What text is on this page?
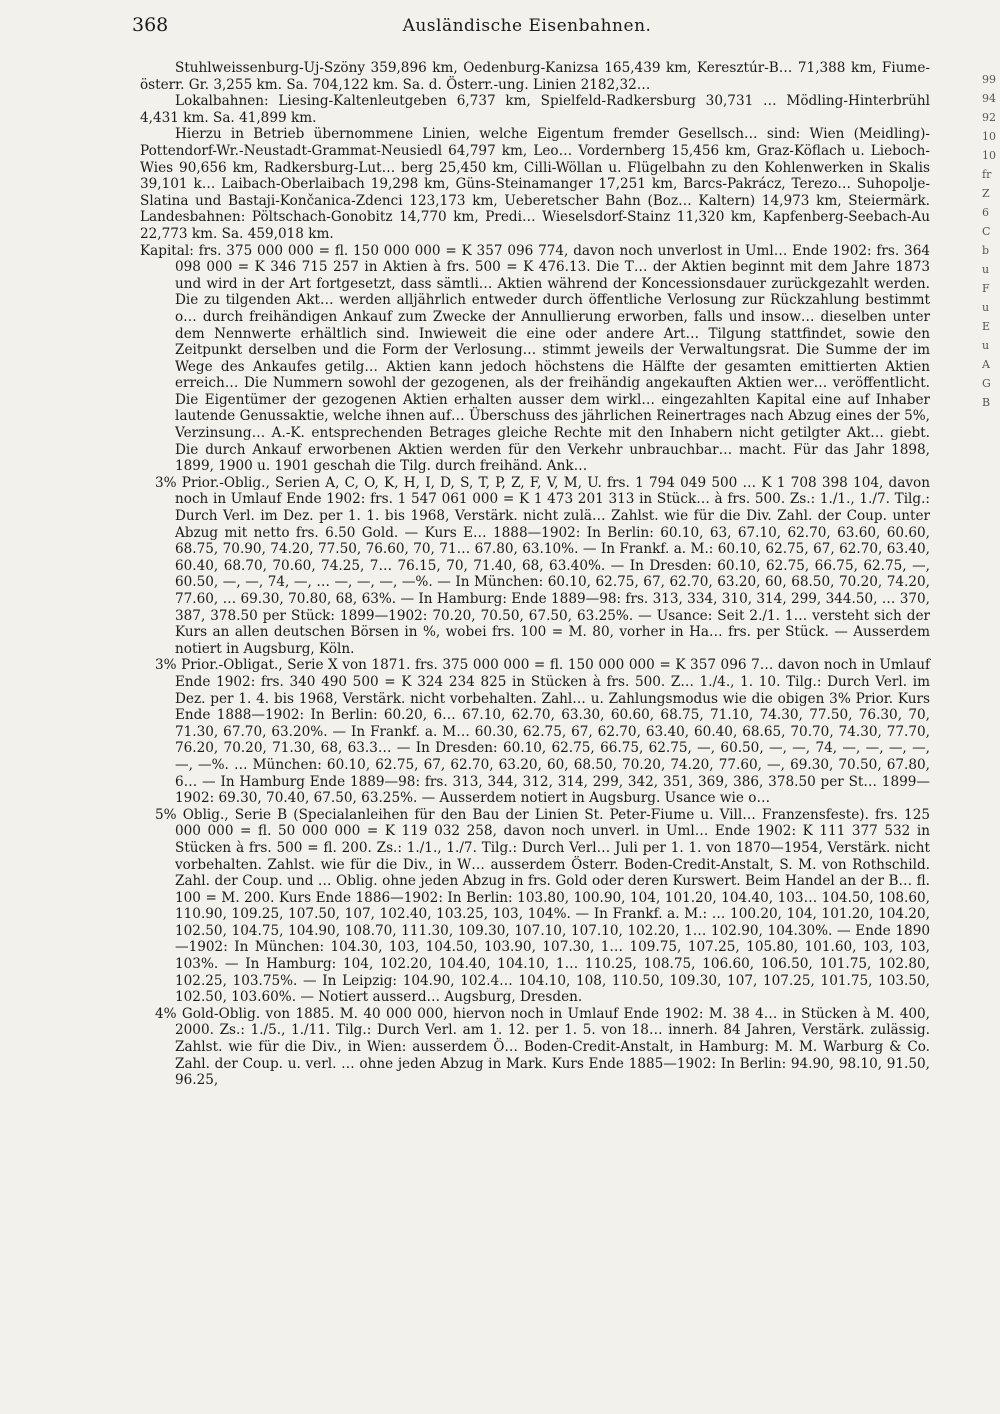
368	Ausländische Eisenbahnen.

Stuhlweissenburg-Uj-Szöny 359,896 km, Oedenburg-Kanizsa 165,439 km, Keresztúr-B… 71,388 km, Fiume-österr. Gr. 3,255 km. Sa. 704,122 km. Sa. d. Österr.-ung. Linien 2182,32…

Lokalbahnen: Liesing-Kaltenleutgeben 6,737 km, Spielfeld-Radkersburg 30,731 … Mödling-Hinterbrühl 4,431 km. Sa. 41,899 km.

Hierzu in Betrieb übernommene Linien, welche Eigentum fremder Gesellsch… sind: Wien (Meidling)-Pottendorf-Wr.-Neustadt-Grammat-Neusiedl 64,797 km, Leo… Vordernberg 15,456 km, Graz-Köflach u. Lieboch-Wies 90,656 km, Radkersburg-Lut… berg 25,450 km, Cilli-Wöllan u. Flügelbahn zu den Kohlenwerken in Skalis 39,101 k… Laibach-Oberlaibach 19,298 km, Güns-Steinamanger 17,251 km, Barcs-Pakrácz, Terezo… Suhopolje-Slatina und Bastaji-Končanica-Zdenci 123,173 km, Ueberetscher Bahn (Boz… Kaltern) 14,973 km, Steiermärk. Landesbahnen: Pöltschach-Gonobitz 14,770 km, Predi… Wieselsdorf-Stainz 11,320 km, Kapfenberg-Seebach-Au 22,773 km. Sa. 459,018 km.

Kapital: frs. 375 000 000 = fl. 150 000 000 = K 357 096 774, davon noch unverlost in Uml… Ende 1902: frs. 364 098 000 = K 346 715 257 in Aktien à frs. 500 = K 476.13. Die T… der Aktien beginnt mit dem Jahre 1873 und wird in der Art fortgesetzt, dass sämtli… Aktien während der Koncessionsdauer zurückgezahlt werden. Die zu tilgenden Akt… werden alljährlich entweder durch öffentliche Verlosung zur Rückzahlung bestimmt o… durch freihändigen Ankauf zum Zwecke der Annullierung erworben, falls und insow… dieselben unter dem Nennwerte erhältlich sind. Inwieweit die eine oder andere Art… Tilgung stattfindet, sowie den Zeitpunkt derselben und die Form der Verlosung… stimmt jeweils der Verwaltungsrat. Die Summe der im Wege des Ankaufes getilg… Aktien kann jedoch höchstens die Hälfte der gesamten emittierten Aktien erreich… Die Nummern sowohl der gezogenen, als der freihändig angekauften Aktien wer… veröffentlicht. Die Eigentümer der gezogenen Aktien erhalten ausser dem wirkl… eingezahlten Kapital eine auf Inhaber lautende Genussaktie, welche ihnen auf… Überschuss des jährlichen Reinertrages nach Abzug eines der 5%, Verzinsung… A.-K. entsprechenden Betrages gleiche Rechte mit den Inhabern nicht getilgter Akt… giebt. Die durch Ankauf erworbenen Aktien werden für den Verkehr unbrauchbar… macht. Für das Jahr 1898, 1899, 1900 u. 1901 geschah die Tilg. durch freihänd. Ank…

3% Prior.-Oblig., Serien A, C, O, K, H, I, D, S, T, P, Z, F, V, M, U. frs. 1 794 049 500 … K 1 708 398 104, davon noch in Umlauf Ende 1902: frs. 1 547 061 000 = K 1 473 201 313 in Stück… à frs. 500. Zs.: 1./1., 1./7. Tilg.: Durch Verl. im Dez. per 1. 1. bis 1968, Verstärk. nicht zulä… Zahlst. wie für die Div. Zahl. der Coup. unter Abzug mit netto frs. 6.50 Gold. — Kurs E… 1888—1902: In Berlin: 60.10, 63, 67.10, 62.70, 63.60, 60.60, 68.75, 70.90, 74.20, 77.50, 76.60, 70, 71… 67.80, 63.10%. — In Frankf. a. M.: 60.10, 62.75, 67, 62.70, 63.40, 60.40, 68.70, 70.60, 74.25, 7… 76.15, 70, 71.40, 68, 63.40%. — In Dresden: 60.10, 62.75, 66.75, 62.75, —, 60.50, —, —, 74, —, … —, —, —, —%. — In München: 60.10, 62.75, 67, 62.70, 63.20, 60, 68.50, 70.20, 74.20, 77.60, … 69.30, 70.80, 68, 63%. — In Hamburg: Ende 1889—98: frs. 313, 334, 310, 314, 299, 344.50, … 370, 387, 378.50 per Stück: 1899—1902: 70.20, 70.50, 67.50, 63.25%. — Usance: Seit 2./1. 1… versteht sich der Kurs an allen deutschen Börsen in %, wobei frs. 100 = M. 80, vorher in Ha… frs. per Stück. — Ausserdem notiert in Augsburg, Köln.

3% Prior.-Obligat., Serie X von 1871. frs. 375 000 000 = fl. 150 000 000 = K 357 096 7… davon noch in Umlauf Ende 1902: frs. 340 490 500 = K 324 234 825 in Stücken à frs. 500. Z… 1./4., 1. 10. Tilg.: Durch Verl. im Dez. per 1. 4. bis 1968, Verstärk. nicht vorbehalten. Zahl… u. Zahlungsmodus wie die obigen 3% Prior. Kurs Ende 1888—1902: In Berlin: 60.20, 6… 67.10, 62.70, 63.30, 60.60, 68.75, 71.10, 74.30, 77.50, 76.30, 70, 71.30, 67.70, 63.20%. — In Frankf. a. M… 60.30, 62.75, 67, 62.70, 63.40, 60.40, 68.65, 70.70, 74.30, 77.70, 76.20, 70.20, 71.30, 68, 63.3… — In Dresden: 60.10, 62.75, 66.75, 62.75, —, 60.50, —, —, 74, —, —, —, —, —, —%. … München: 60.10, 62.75, 67, 62.70, 63.20, 60, 68.50, 70.20, 74.20, 77.60, —, 69.30, 70.50, 67.80, 6… — In Hamburg Ende 1889—98: frs. 313, 344, 312, 314, 299, 342, 351, 369, 386, 378.50 per St… 1899—1902: 69.30, 70.40, 67.50, 63.25%. — Ausserdem notiert in Augsburg. Usance wie o…

5% Oblig., Serie B (Specialanleihen für den Bau der Linien St. Peter-Fiume u. Vill… Franzensfeste). frs. 125 000 000 = fl. 50 000 000 = K 119 032 258, davon noch unverl. in Uml… Ende 1902: K 111 377 532 in Stücken à frs. 500 = fl. 200. Zs.: 1./1., 1./7. Tilg.: Durch Verl… Juli per 1. 1. von 1870—1954, Verstärk. nicht vorbehalten. Zahlst. wie für die Div., in W… ausserdem Österr. Boden-Credit-Anstalt, S. M. von Rothschild. Zahl. der Coup. und … Oblig. ohne jeden Abzug in frs. Gold oder deren Kurswert. Beim Handel an der B… fl. 100 = M. 200. Kurs Ende 1886—1902: In Berlin: 103.80, 100.90, 104, 101.20, 104.40, 103… 104.50, 108.60, 110.90, 109.25, 107.50, 107, 102.40, 103.25, 103, 104%. — In Frankf. a. M.: … 100.20, 104, 101.20, 104.20, 102.50, 104.75, 104.90, 108.70, 111.30, 109.30, 107.10, 107.10, 102.20, 1… 102.90, 104.30%. — Ende 1890—1902: In München: 104.30, 103, 104.50, 103.90, 107.30, 1… 109.75, 107.25, 105.80, 101.60, 103, 103, 103%. — In Hamburg: 104, 102.20, 104.40, 104.10, 1… 110.25, 108.75, 106.60, 106.50, 101.75, 102.80, 102.25, 103.75%. — In Leipzig: 104.90, 102.4… 104.10, 108, 110.50, 109.30, 107, 107.25, 101.75, 103.50, 102.50, 103.60%. — Notiert ausserd… Augsburg, Dresden.

4% Gold-Oblig. von 1885. M. 40 000 000, hiervon noch in Umlauf Ende 1902: M. 38 4… in Stücken à M. 400, 2000. Zs.: 1./5., 1./11. Tilg.: Durch Verl. am 1. 12. per 1. 5. von 18… innerh. 84 Jahren, Verstärk. zulässig. Zahlst. wie für die Div., in Wien: ausserdem Ö… Boden-Credit-Anstalt, in Hamburg: M. M. Warburg & Co. Zahl. der Coup. u. verl. … ohne jeden Abzug in Mark. Kurs Ende 1885—1902: In Berlin: 94.90, 98.10, 91.50, 96.25,

99
94
92
10
10
fr
Z
6
C
b
u
F
u
E
u
A
G
B
